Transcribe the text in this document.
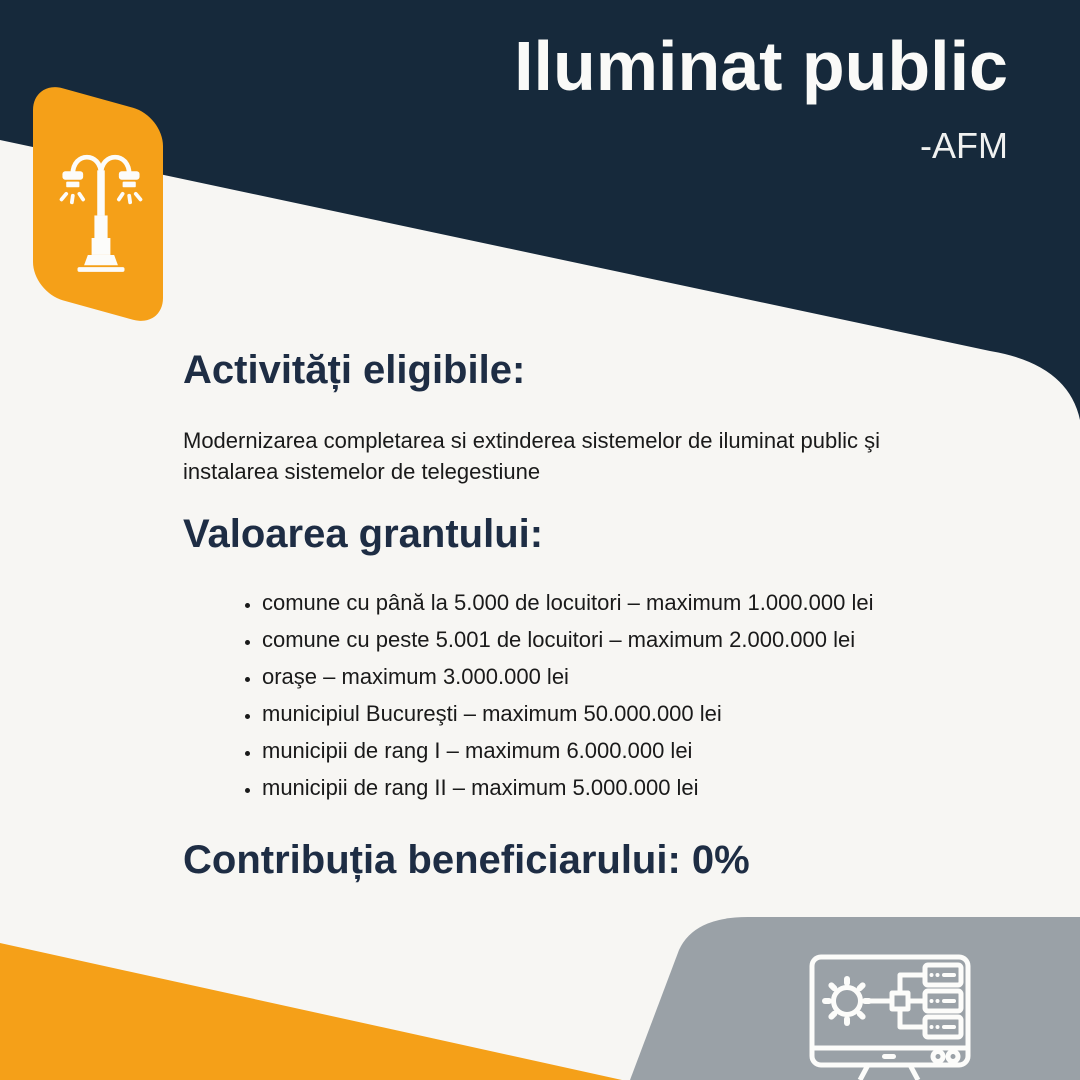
Iluminat public
-AFM
Activități eligibile:
Modernizarea completarea si extinderea sistemelor de iluminat public şi
instalarea sistemelor de telegestiune
Valoarea grantului:
• comune cu până la 5.000 de locuitori – maximum 1.000.000 lei
• comune cu peste 5.001 de locuitori – maximum 2.000.000 lei
• oraşe – maximum 3.000.000 lei
• municipiul Bucureşti – maximum 50.000.000 lei
• municipii de rang I – maximum 6.000.000 lei
• municipii de rang II – maximum 5.000.000 lei
Contribuția beneficiarului: 0%
